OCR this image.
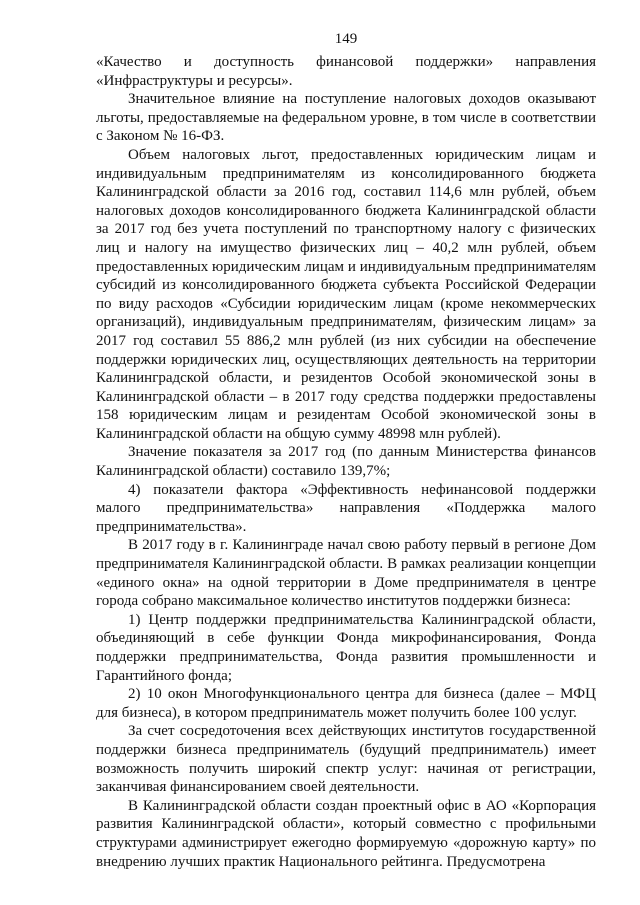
149

«Качество и доступность финансовой поддержки» направления «Инфраструктуры и ресурсы».

Значительное влияние на поступление налоговых доходов оказывают льготы, предоставляемые на федеральном уровне, в том числе в соответствии с Законом № 16-ФЗ.

Объем налоговых льгот, предоставленных юридическим лицам и индивидуальным предпринимателям из консолидированного бюджета Калининградской области за 2016 год, составил 114,6 млн рублей, объем налоговых доходов консолидированного бюджета Калининградской области за 2017 год без учета поступлений по транспортному налогу с физических лиц и налогу на имущество физических лиц – 40,2 млн рублей, объем предоставленных юридическим лицам и индивидуальным предпринимателям субсидий из консолидированного бюджета субъекта Российской Федерации по виду расходов «Субсидии юридическим лицам (кроме некоммерческих организаций), индивидуальным предпринимателям, физическим лицам» за 2017 год составил 55 886,2 млн рублей (из них субсидии на обеспечение поддержки юридических лиц, осуществляющих деятельность на территории Калининградской области, и резидентов Особой экономической зоны в Калининградской области – в 2017 году средства поддержки предоставлены 158 юридическим лицам и резидентам Особой экономической зоны в Калининградской области на общую сумму 48998 млн рублей).

Значение показателя за 2017 год (по данным Министерства финансов Калининградской области) составило 139,7%;

4) показатели фактора «Эффективность нефинансовой поддержки малого предпринимательства» направления «Поддержка малого предпринимательства».

В 2017 году в г. Калининграде начал свою работу первый в регионе Дом предпринимателя Калининградской области. В рамках реализации концепции «единого окна» на одной территории в Доме предпринимателя в центре города собрано максимальное количество институтов поддержки бизнеса:

1) Центр поддержки предпринимательства Калининградской области, объединяющий в себе функции Фонда микрофинансирования, Фонда поддержки предпринимательства, Фонда развития промышленности и Гарантийного фонда;

2) 10 окон Многофункционального центра для бизнеса (далее – МФЦ для бизнеса), в котором предприниматель может получить более 100 услуг.

За счет сосредоточения всех действующих институтов государственной поддержки бизнеса предприниматель (будущий предприниматель) имеет возможность получить широкий спектр услуг: начиная от регистрации, заканчивая финансированием своей деятельности.

В Калининградской области создан проектный офис в АО «Корпорация развития Калининградской области», который совместно с профильными структурами администрирует ежегодно формируемую «дорожную карту» по внедрению лучших практик Национального рейтинга. Предусмотрена
